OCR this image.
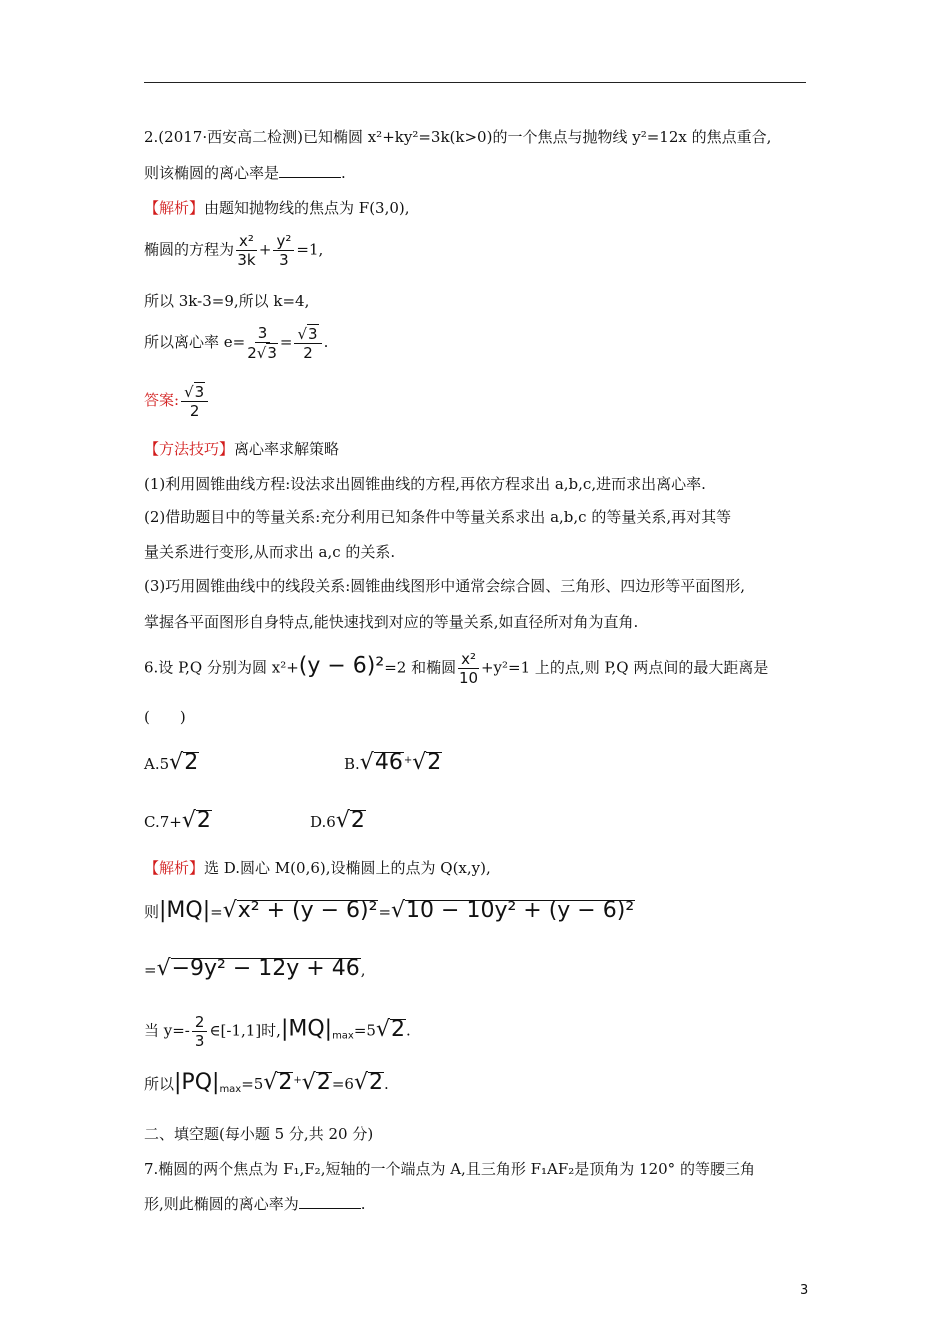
2.(2017·西安高二检测)已知椭圆 x²+ky²=3k(k>0)的一个焦点与抛物线 y²=12x 的焦点重合,
则该椭圆的离心率是	.
【解析】由题知抛物线的焦点为 F(3,0),
椭圆的方程为 $\frac{\text{x²}}{3k} + \frac{\text{y²}}{3} =1$,
所以 3k-3=9,所以 k=4,
所以离心率 $e= \frac{3}{2 √ 3} = \frac{√ 3}{2}$ .
答案: $\frac{√ 3}{2}$
【方法技巧】离心率求解策略
(1)利用圆锥曲线方程:设法求出圆锥曲线的方程,再依方程求出 a,b,c,进而求出离心率.
(2)借助题目中的等量关系:充分利用已知条件中等量关系求出 a,b,c 的等量关系,再对其等
量关系进行变形,从而求出 a,c 的关系.
(3)巧用圆锥曲线中的线段关系:圆锥曲线图形中通常会综合圆、三角形、四边形等平面图形,
掌握各平面图形自身特点,能快速找到对应的等量关系,如直径所对角为直角.
6.设 P,Q 分别为圆 x²+(y − 6)²=2 和椭圆 $\frac{\text{x²}}{10} +y^2=1$ 上的点,则 P,Q 两点间的最大距离是
(　　)
A.5 √ 2	B. √ 46 + √ 2
C.7+ √ 2	D.6 √ 2
【解析】选 D.圆心 M(0,6),设椭圆上的点为 Q(x,y),
则|MQ|= √ x² + (y − 6)² = √ 10 − 10y² + (y − 6)²
= √ −9y² − 12y + 46 ,
当 $y=- \frac{2}{3}$ ∈[-1,1]时$,|MQ|_{max}=5$ √ 2 .
所以$|PQ|_{max}=5$ √ 2 + √ 2 =6 √ 2 .
二、填空题(每小题 5 分,共 20 分)
7.椭圆的两个焦点为 F₁,F₂,短轴的一个端点为 A,且三角形 F₁AF₂是顶角为 120° 的等腰三角
形,则此椭圆的离心率为	.
3
